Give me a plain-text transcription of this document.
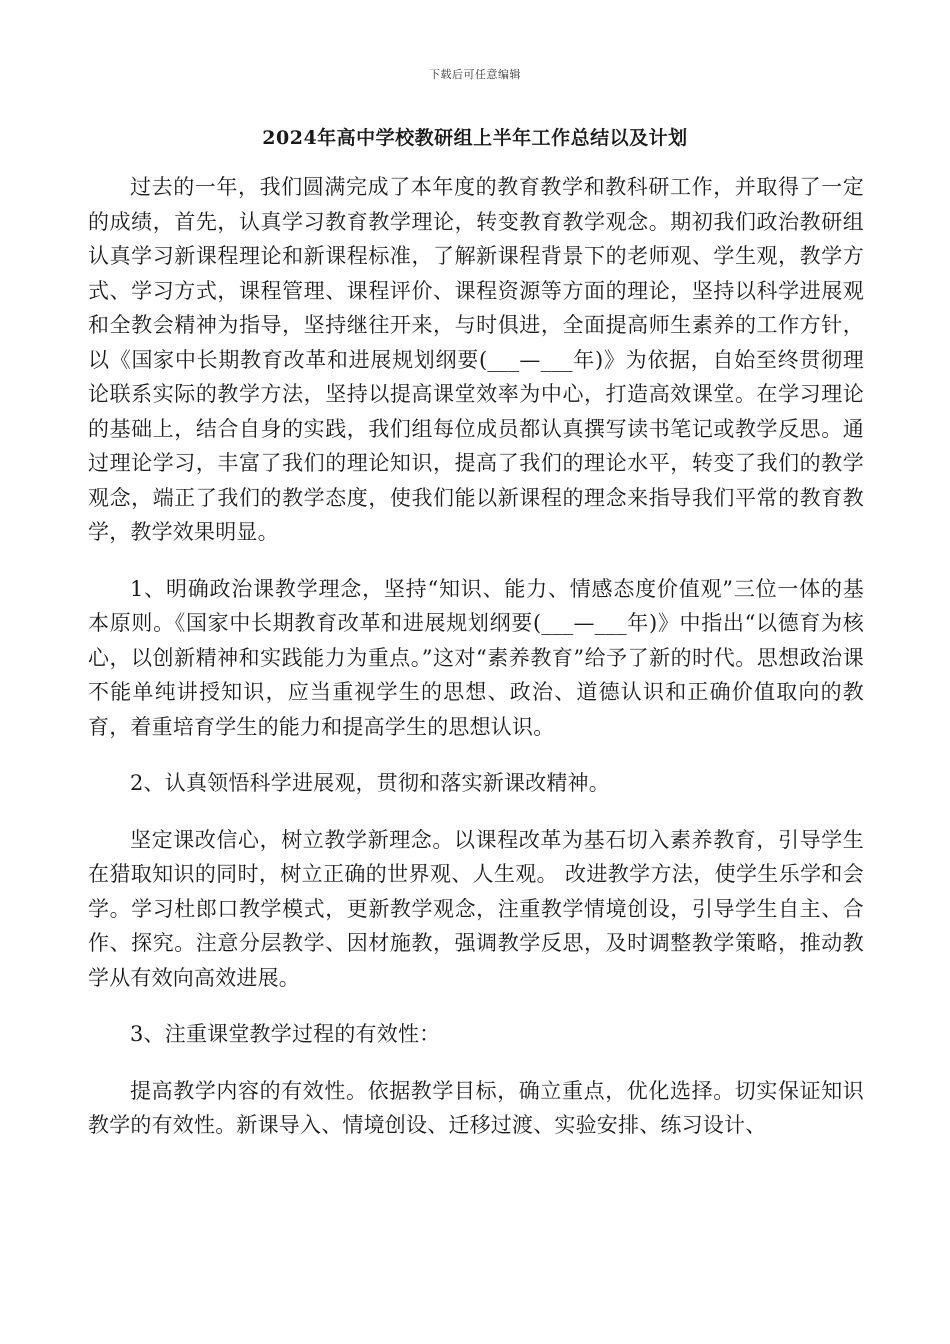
下载后可任意编辑
2024年高中学校教研组上半年工作总结以及计划

过去的一年，我们圆满完成了本年度的教育教学和教科研工作，并取得了一定的成绩，首先，认真学习教育教学理论，转变教育教学观念。期初我们政治教研组认真学习新课程理论和新课程标准，了解新课程背景下的老师观、学生观，教学方式、学习方式，课程管理、课程评价、课程资源等方面的理论，坚持以科学进展观和全教会精神为指导，坚持继往开来，与时俱进，全面提高师生素养的工作方针，以《国家中长期教育改革和进展规划纲要(___—___年)》为依据，自始至终贯彻理论联系实际的教学方法，坚持以提高课堂效率为中心，打造高效课堂。在学习理论的基础上，结合自身的实践，我们组每位成员都认真撰写读书笔记或教学反思。通过理论学习，丰富了我们的理论知识，提高了我们的理论水平，转变了我们的教学观念，端正了我们的教学态度，使我们能以新课程的理念来指导我们平常的教育教学，教学效果明显。

1、明确政治课教学理念，坚持“知识、能力、情感态度价值观”三位一体的基本原则。《国家中长期教育改革和进展规划纲要(___—___年)》中指出“以德育为核心，以创新精神和实践能力为重点。”这对“素养教育”给予了新的时代。思想政治课不能单纯讲授知识，应当重视学生的思想、政治、道德认识和正确价值取向的教育，着重培育学生的能力和提高学生的思想认识。

2、认真领悟科学进展观，贯彻和落实新课改精神。

坚定课改信心，树立教学新理念。以课程改革为基石切入素养教育，引导学生在猎取知识的同时，树立正确的世界观、人生观。 改进教学方法，使学生乐学和会学。学习杜郎口教学模式，更新教学观念，注重教学情境创设，引导学生自主、合作、探究。注意分层教学、因材施教，强调教学反思，及时调整教学策略，推动教学从有效向高效进展。

3、注重课堂教学过程的有效性：

提高教学内容的有效性。依据教学目标，确立重点，优化选择。切实保证知识教学的有效性。新课导入、情境创设、迁移过渡、实验安排、练习设计、
